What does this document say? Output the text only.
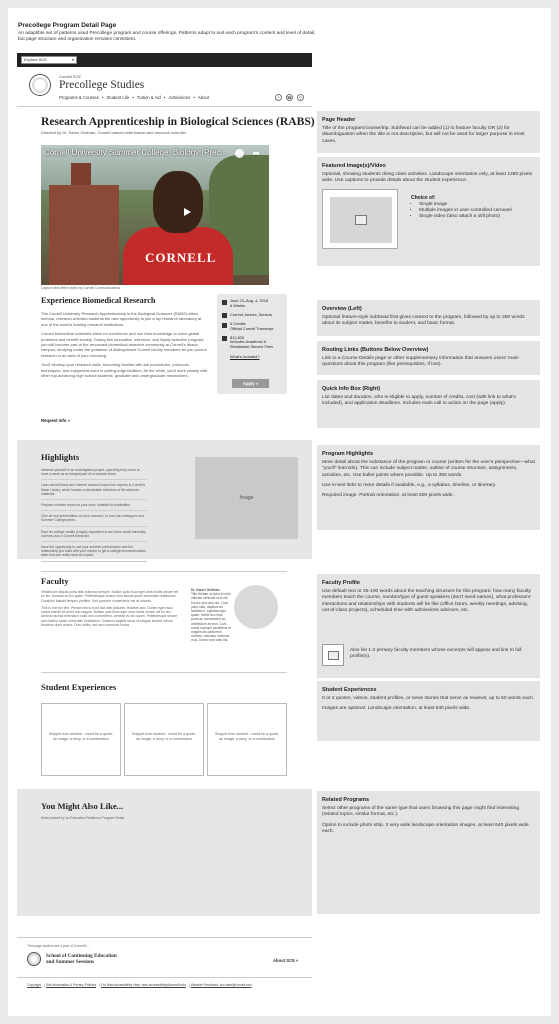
Precollege Program Detail Page
An adaptible set of patterns used Precollege program and course offerings. Patterns adapt to suit each program's content and level of detail, but page structure and organization remains consistent.
Explore SCE	▾
Cornell SCE
Precollege Studies
Programs & Courses • Student Life • Tuition & Aid • Admissions • About	?	☎	⚲
Research Apprenticeship in Biological Sciences (RABS)
Directed by Dr. Karen Gellman, Cornell-trained veterinarian and research scientist
CORNELL
Cornell University Summer College: Biology (Prec...	➦
Caption text within video by Cornell Communications
Experience Biomedical Research

The Cornell University Research Apprenticeship in the Biological Sciences (RABS) offers serious, research-oriented students the rare opportunity to join a top research laboratory at one of the world's leading research institutions.

Cornell biomedical scientists strive for excellence and use their knowledge to solve global problems and benefit society. During this innovative, intensive, and highly selective program, you will become part of the renowned biomedical research community at Cornell's Ithaca campus, studying under the guidance of distinguished Cornell faculty members as you pursue research in an area of your choosing.

You'll develop your research skills, becoming familiar with lab procedures, protocols, techniques, and equipment used in cutting-edge facilities. All the while, you'll work closely with other top-achieving high school students, graduate and undergraduate researchers.

Request Info »
June 23–Aug. 4, 2018
6 Weeks
Current Juniors, Seniors
6 Credits
Official Cornell Transcript
$12,825
Includes Academic & Residential Service Fees
What's included?
Apply »
Highlights
Immerse yourself in an investigative project, spending forty hours or more a week as an integral part of a research team.
Learn about library and Internet research tools from experts in Cornell's Mann Library, which houses a remarkable collection of life sciences materials.
Prepare a written report on your work, suitable for publication.
Give an oral presentation on your research, to your lab colleagues and Summer College peers.
Earn six college credits (roughly equivalent to two three-credit university courses) and a Cornell transcript.
Have the opportunity to use your summer performance and the relationship you build with your mentor to get a college recommendation letter that can really have an impact.
Image
Faculty

Vestibulum aliquis porta felis euismod semper. Nullam quis risus eget urna mollis ornare vel eu leo. Aenean eu leo quam. Pellentesque ornare sem lacinia quam venenatis vestibulum. Curabitur blandit tempus porttitor. Sed posuere consectetur est at lobortis.

This is one fun line. Please link to fund fact with pictures, teaches and. Donec eget risus varius blandit sit amet non magna. Nullam quis risus eget urna mollis ornare vel eu leo. Aenean lacinia bibendum nulla sed consectetur. Aenean eu leo quam. Pellentesque ornare sem lacinia quam venenatis vestibulum. Vivamus sagittis lacus vel augue laoreet rutrum faucibus dolor auctor. Duis mollis, est non commodo luctus.

Dr. Karen Gellman
Title Nullam id dolor id nibh ultricies vehicula ut id elit. Donec sed odio dui. Cras justo odio, dapibus ac facilisis in, egestas eget quam. Morbi leo risus, porta ac consectetur ac, vestibulum at eros. Cum sociis natoque penatibus et magnis dis parturient montes, nascetur ridiculus mus. Donec sed odio dui.
Student Experiences
Snippet from student - could be a quote, an image, a story, or a combination
Snippet from student - could be a quote, an image, a story, or a combination
Snippet from student - could be a quote, an image, a story, or a combination
You Might Also Like...
Items placed by an Education Relations Program Detail
This page studies are a part of Cornell's...
School of Continuing Education
and Summer Sessions	About SCE »
Copyright | Site Information & Privacy Policies | For Web Accessibility Help: web-accessibility@cornell.edu | Website Feedback: sce-web@cornell.edu
Page Header

Title of the program/course/trip. Subhead can be added (1) to feature faculty OR (2) for disambiguation when the title is not descriptive, but will not be used for larger purpose in most cases.

Featured Image(s)/Video

Optional, showing students doing class activities. Landscape orientation only, at least 1280 pixels wide. Use captions to provide details about the student experience.

Choice of:
• Single image
• Multiple images in user-controlled carousel
• Single video (also attach a still photo)
Overview (Left)

Optional feature-style subhead that gives context to the program, followed by up to 350 words about its subject matter, benefits to student, and basic format.

Routing Links (Buttons Below Overview)

Link to a Course Details page or other supplementary information that answers users' main questions about this program (like prerequisites, if lots).

Quick Info Box (Right)

List dates and duration, who is eligible to apply, number of credits, cost (with link to what's included), and application deadlines. Includes main call to action on the page (apply).

Program Highlights

More detail about the substance of the program or course (written for the user's perspective—what "you'll" learn/do). This can include subject matter, outline of course structure, assignments, activities, etc. Use bullet points where possible. Up to 350 words.

Use in-text links to more details if available, e.g., a syllabus, timeline, or itinerary.

Required image. Portrait orientation, at least 600 pixels wide.

Faculty Profile

Use default text or 25-100 words about the teaching structure for this program: how many faculty members teach the course, number/type of guest speakers (don't need names), what professors' interactions and relationships with students will be like (office hours, weekly meetings, advising, out-of-class projects), scheduled time with admissions advisors, etc.

Also list 1-2 primary faculty members whose excerpts will appear and link to full profile(s).
Student Experiences

0 or 2 quotes, videos, student profiles, or news stories that serve as reviews; up to 50 words each.

Images are optional. Landscape orientation, at least 640 pixels wide.

Related Programs

Select other programs of the same type that users browsing this page might find interesting (related topics, similar format, etc.).

Option to include photo strip. 3 very wide landscape orientation images, at least 640 pixels wide each.
